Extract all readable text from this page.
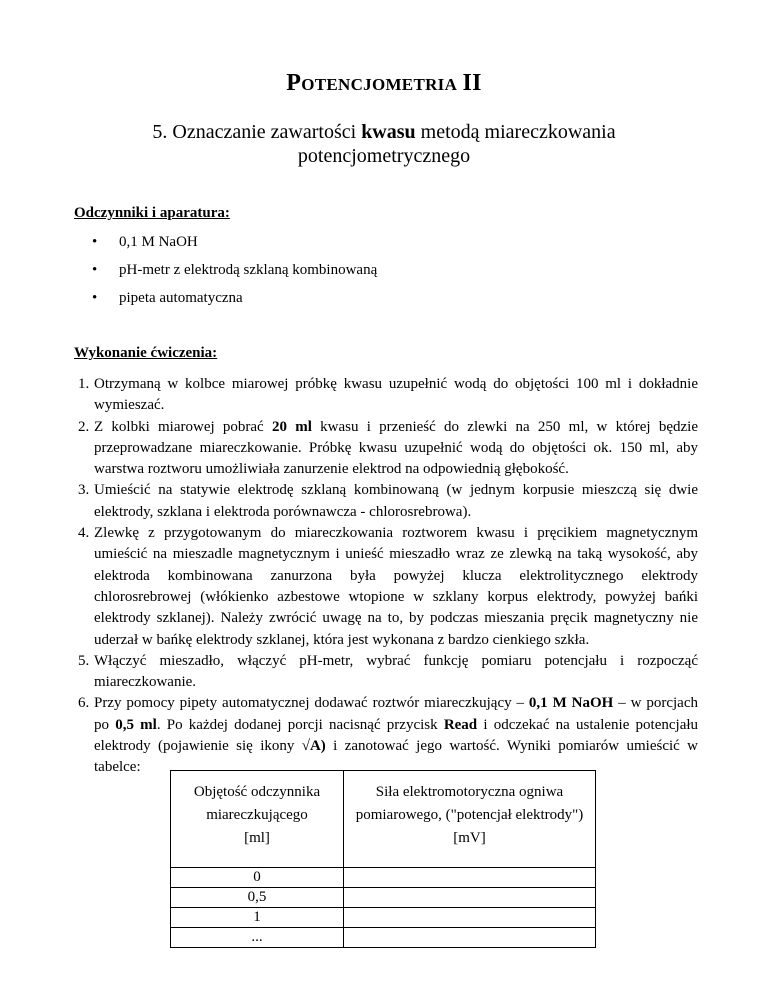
POTENCJOMETRIA II
5. Oznaczanie zawartości kwasu metodą miareczkowania
potencjometrycznego
Odczynniki i aparatura:
• 0,1 M NaOH
• pH-metr z elektrodą szklaną kombinowaną
• pipeta automatyczna
Wykonanie ćwiczenia:
1. Otrzymaną w kolbce miarowej próbkę kwasu uzupełnić wodą do objętości 100 ml i dokładnie wymieszać.
2. Z kolbki miarowej pobrać 20 ml kwasu i przenieść do zlewki na 250 ml, w której będzie przeprowadzane miareczkowanie. Próbkę kwasu uzupełnić wodą do objętości ok. 150 ml, aby warstwa roztworu umożliwiała zanurzenie elektrod na odpowiednią głębokość.
3. Umieścić na statywie elektrodę szklaną kombinowaną (w jednym korpusie mieszczą się dwie elektrody, szklana i elektroda porównawcza - chlorosrebrowa).
4. Zlewkę z przygotowanym do miareczkowania roztworem kwasu i pręcikiem magnetycznym umieścić na mieszadle magnetycznym i unieść mieszadło wraz ze zlewką na taką wysokość, aby elektroda kombinowana zanurzona była powyżej klucza elektrolitycznego elektrody chlorosrebrowej (włókienko azbestowe wtopione w szklany korpus elektrody, powyżej bańki elektrody szklanej). Należy zwrócić uwagę na to, by podczas mieszania pręcik magnetyczny nie uderzał w bańkę elektrody szklanej, która jest wykonana z bardzo cienkiego szkła.
5. Włączyć mieszadło, włączyć pH-metr, wybrać funkcję pomiaru potencjału i rozpocząć miareczkowanie.
6. Przy pomocy pipety automatycznej dodawać roztwór miareczkujący – 0,1 M NaOH – w porcjach po 0,5 ml. Po każdej dodanej porcji nacisnąć przycisk Read i odczekać na ustalenie potencjału elektrody (pojawienie się ikony √A) i zanotować jego wartość. Wyniki pomiarów umieścić w tabelce:
Objętość odczynnika
miareczkującego
[ml]	Siła elektromotoryczna ogniwa
pomiarowego, ("potencjał elektrody")
[mV]
0	
0,5	
1	
...	
